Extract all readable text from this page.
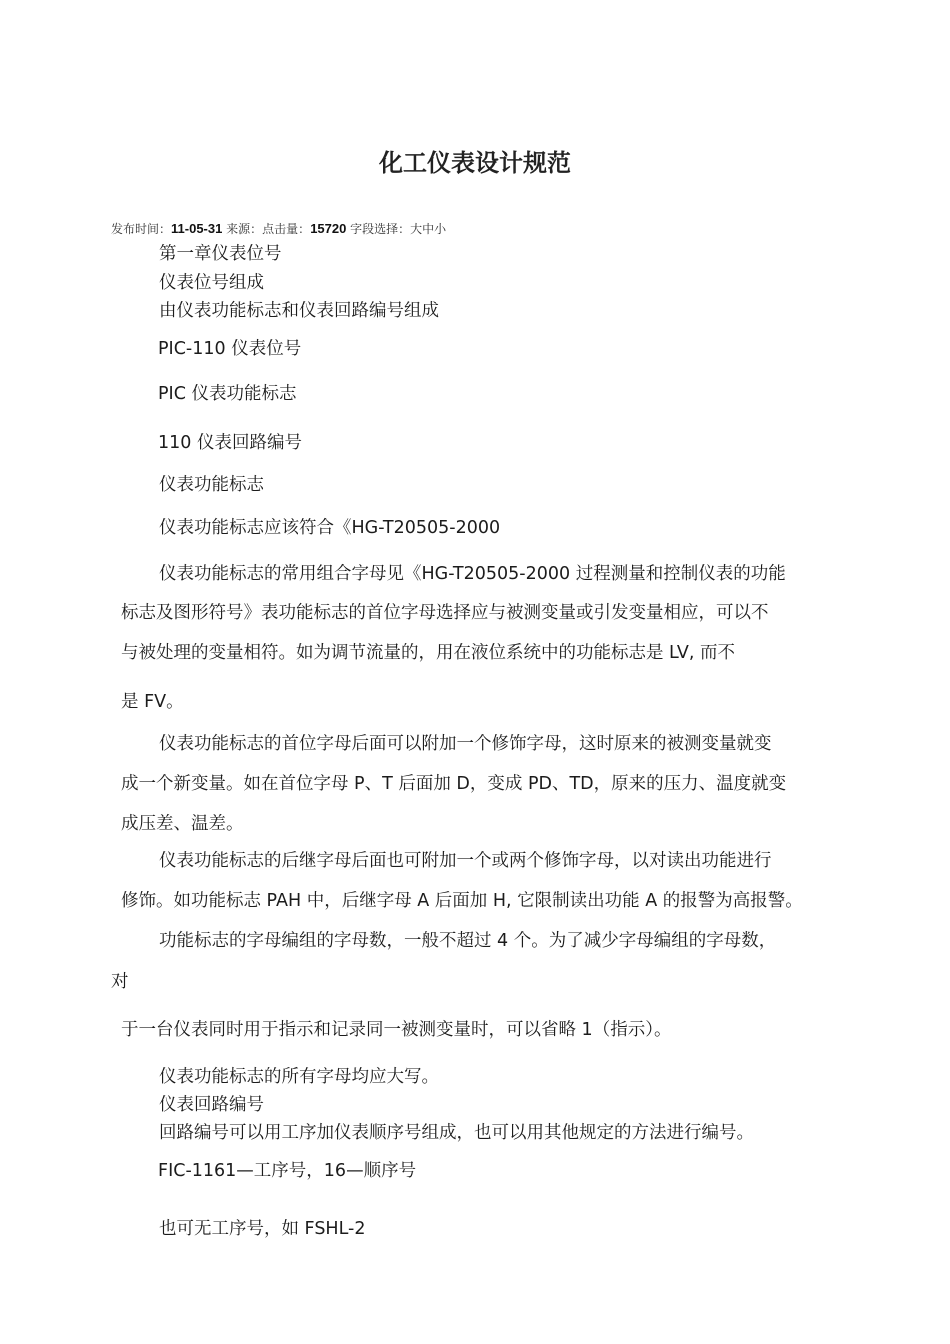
化工仪表设计规范
发布时间：11-05-31 来源：点击量：15720 字段选择：大中小

第一章仪表位号

仪表位号组成

由仪表功能标志和仪表回路编号组成

PIC-110 仪表位号

PIC 仪表功能标志

110 仪表回路编号

仪表功能标志

仪表功能标志应该符合《HG-T20505-2000

仪表功能标志的常用组合字母见《HG-T20505-2000 过程测量和控制仪表的功能

标志及图形符号》表功能标志的首位字母选择应与被测变量或引发变量相应，可以不

与被处理的变量相符。如为调节流量的，用在液位系统中的功能标志是 LV, 而不

是 FV。

仪表功能标志的首位字母后面可以附加一个修饰字母，这时原来的被测变量就变

成一个新变量。如在首位字母 P、T 后面加 D，变成 PD、TD，原来的压力、温度就变

成压差、温差。

仪表功能标志的后继字母后面也可附加一个或两个修饰字母，以对读出功能进行

修饰。如功能标志 PAH 中，后继字母 A 后面加 H, 它限制读出功能 A 的报警为高报警。

功能标志的字母编组的字母数，一般不超过 4 个。为了减少字母编组的字母数，

对

于一台仪表同时用于指示和记录同一被测变量时，可以省略 1（指示）。

仪表功能标志的所有字母均应大写。

仪表回路编号

回路编号可以用工序加仪表顺序号组成，也可以用其他规定的方法进行编号。

FIC-1161—工序号，16—顺序号

也可无工序号，如 FSHL-2
